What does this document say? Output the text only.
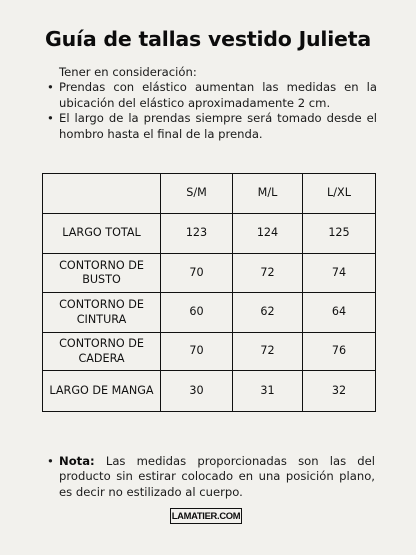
Guía de tallas vestido Julieta
Tener en consideración:
• Prendas con elástico aumentan las medidas en la ubicación del elástico aproximadamente 2 cm.
• El largo de la prendas siempre será tomado desde el hombro hasta el final de la prenda.
	S/M	M/L	L/XL
LARGO TOTAL	123	124	125
CONTORNO DE BUSTO	70	72	74
CONTORNO DE CINTURA	60	62	64
CONTORNO DE CADERA	70	72	76
LARGO DE MANGA	30	31	32

• Nota: Las medidas proporcionadas son las del producto sin estirar colocado en una posición plano, es decir no estilizado al cuerpo.

LAMATIER.COM
